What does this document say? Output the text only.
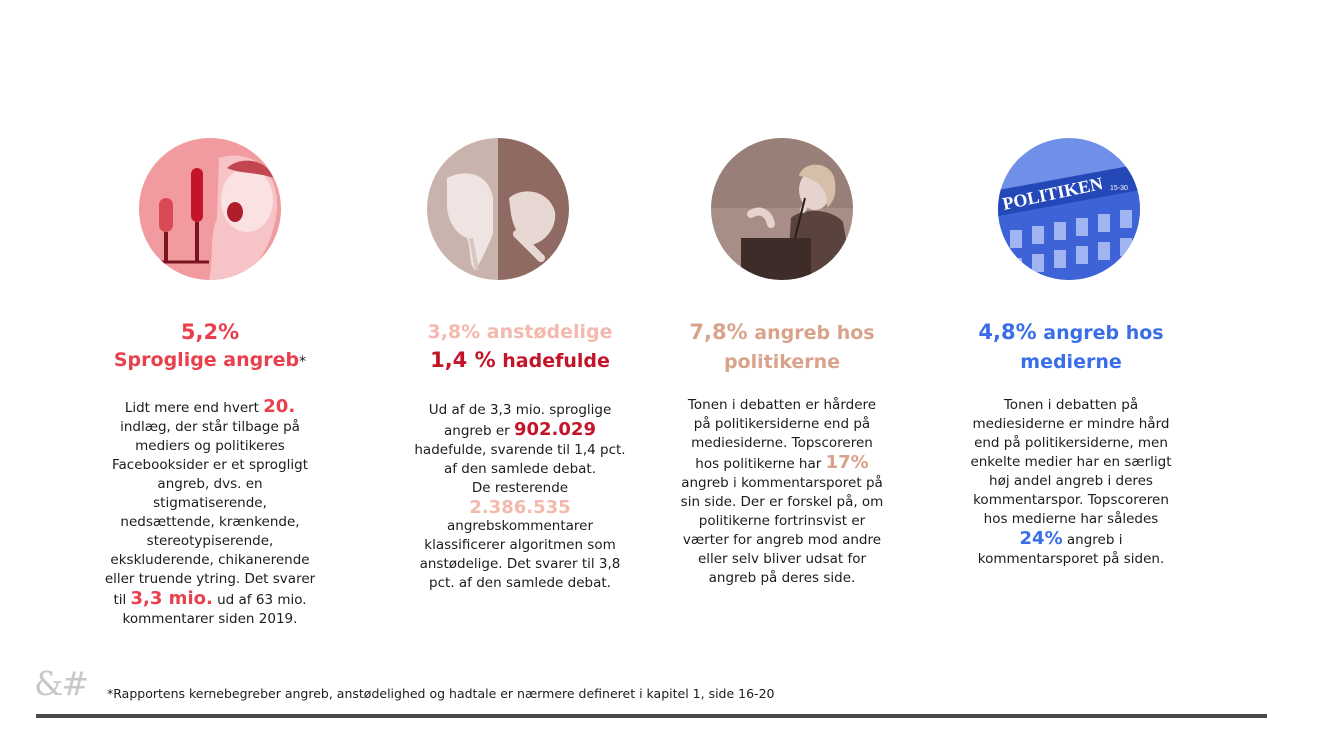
5,2%
Sproglige angreb*

Lidt mere end hvert 20.

indlæg, der står tilbage på

mediers og politikeres

Facebooksider er et sprogligt

angreb, dvs. en

stigmatiserende,

nedsættende, krænkende,

stereotypiserende,

ekskluderende, chikanerende

eller truende ytring. Det svarer

til 3,3 mio. ud af 63 mio.

kommentarer siden 2019.

3,8% anstødelige
1,4 % hadefulde

Ud af de 3,3 mio. sproglige

angreb er 902.029

hadefulde, svarende til 1,4 pct.

af den samlede debat.

De resterende

2.386.535

angrebskommentarer

klassificerer algoritmen som

anstødelige. Det svarer til 3,8

pct. af den samlede debat.

7,8% angreb hos
politikerne

Tonen i debatten er hårdere

på politikersiderne end på

mediesiderne. Topscoreren

hos politikerne har 17%

angreb i kommentarsporet på

sin side. Der er forskel på, om

politikerne fortrinsvist er

værter for angreb mod andre

eller selv bliver udsat for

angreb på deres side.

POLITIKEN 15-30
4,8% angreb hos
medierne

Tonen i debatten på

mediesiderne er mindre hård

end på politikersiderne, men

enkelte medier har en særligt

høj andel angreb i deres

kommentarspor. Topscoreren

hos medierne har således

24% angreb i

kommentarsporet på siden.

&#	*Rapportens kernebegreber angreb, anstødelighed og hadtale er nærmere defineret i kapitel 1, side 16-20
